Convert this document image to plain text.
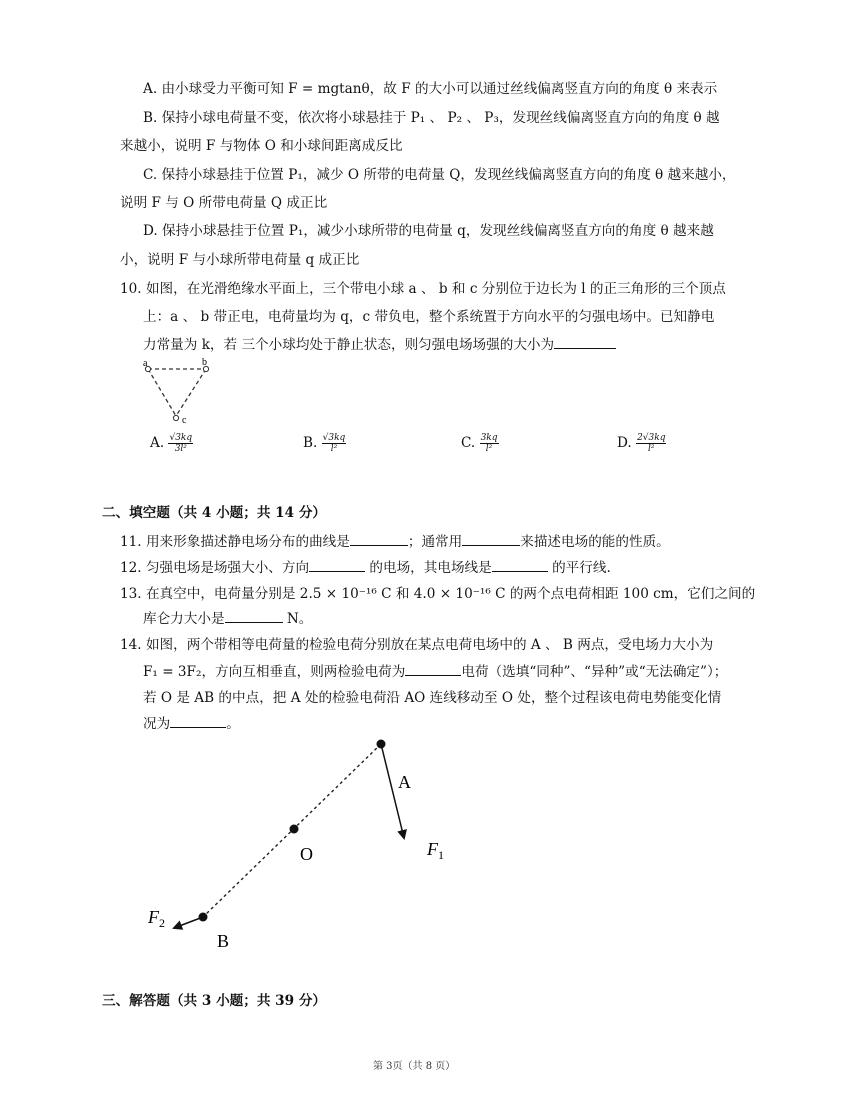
A. 由小球受力平衡可知 F = mgtanθ，故 F 的大小可以通过丝线偏离竖直方向的角度 θ 来表示
B. 保持小球电荷量不变，依次将小球悬挂于 P₁ 、 P₂ 、 P₃，发现丝线偏离竖直方向的角度 θ 越
来越小，说明 F 与物体 O 和小球间距离成反比
C. 保持小球悬挂于位置 P₁，减少 O 所带的电荷量 Q，发现丝线偏离竖直方向的角度 θ 越来越小，
说明 F 与 O 所带电荷量 Q 成正比
D. 保持小球悬挂于位置 P₁，减少小球所带的电荷量 q，发现丝线偏离竖直方向的角度 θ 越来越
小，说明 F 与小球所带电荷量 q 成正比
10. 如图，在光滑绝缘水平面上，三个带电小球 a 、 b 和 c 分别位于边长为 l 的正三角形的三个顶点
上：a 、 b 带正电，电荷量均为 q，c 带负电，整个系统置于方向水平的匀强电场中。已知静电
力常量为 k，若 三个小球均处于静止状态，则匀强电场场强的大小为
a	b
c
A. $\frac{√3kq}{\text{3l²}}$	B. $\frac{√3kq}{\text{l²}}$	C. $\frac{3kq}{\text{l²}}$	D. $\frac{2√3kq}{\text{l²}}$
二、填空题（共 4 小题；共 14 分）
11. 用来形象描述静电场分布的曲线是	；通常用	来描述电场的能的性质。
12. 匀强电场是场强大小、方向	的电场，其电场线是	的平行线.
13. 在真空中，电荷量分别是 2.5 × 10⁻¹⁶ C 和 4.0 × 10⁻¹⁶ C 的两个点电荷相距 100 cm，它们之间的
库仑力大小是	N。
14. 如图，两个带相等电荷量的检验电荷分别放在某点电荷电场中的 A 、 B 两点，受电场力大小为
F₁ = 3F₂，方向互相垂直，则两检验电荷为	电荷（选填“同种”、“异种”或“无法确定”）；
若 O 是 AB 的中点，把 A 处的检验电荷沿 AO 连线移动至 O 处，整个过程该电荷电势能变化情
况为	。
A
O
B
$F_1$
$F_2$
三、解答题（共 3 小题；共 39 分）
第 3页（共 8 页）
